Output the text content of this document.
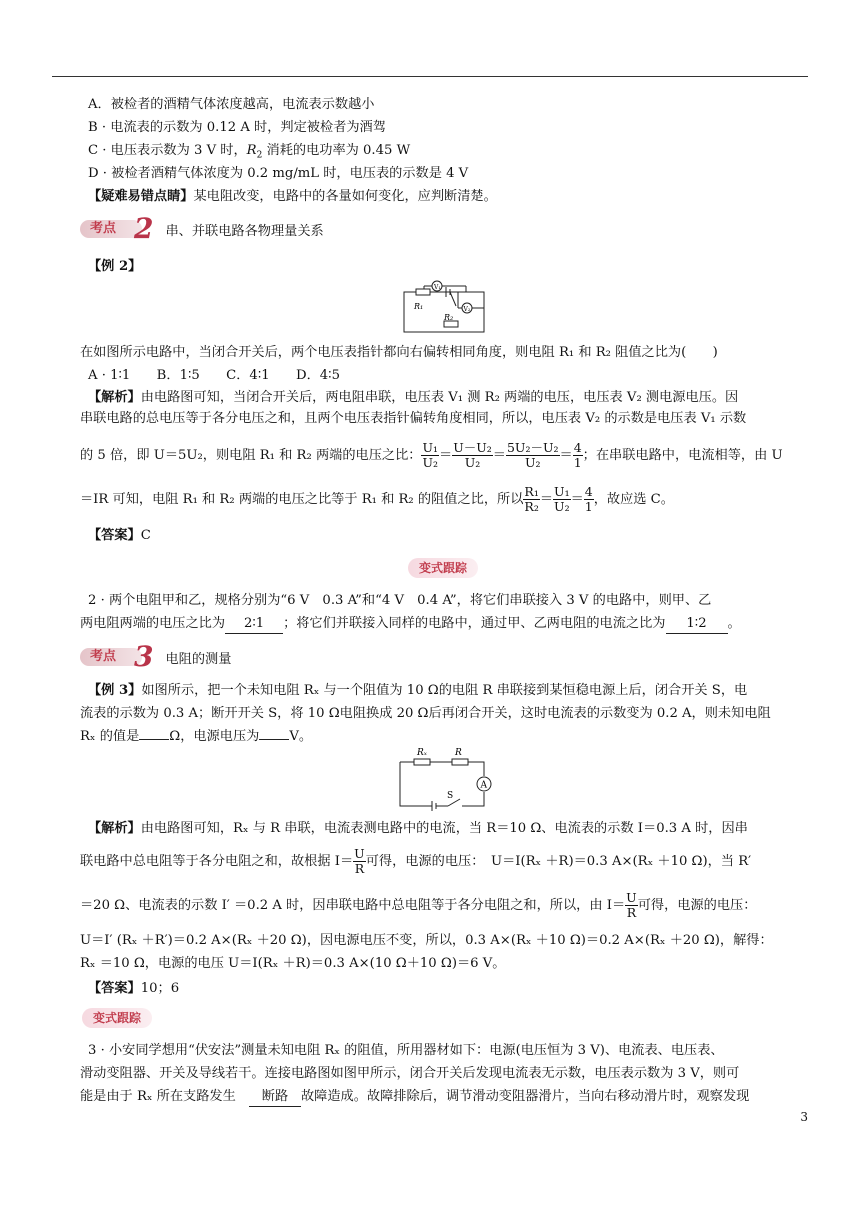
A．被检者的酒精气体浓度越高，电流表示数越小
B · 电流表的示数为 0.12 A 时，判定被检者为酒驾
C · 电压表示数为 3 V 时，$R_2$ 消耗的电功率为 0.45 W
D · 被检者酒精气体浓度为 0.2 mg/mL 时，电压表的示数是 4 V
【疑难易错点睛】某电阻改变，电路中的各量如何变化，应判断清楚。
考点 2 串、并联电路各物理量关系
【例 2】
V₁
V₂
R₁
R₂
在如图所示电路中，当闭合开关后，两个电压表指针都向右偏转相同角度，则电阻 R₁ 和 R₂ 阻值之比为(　　)
A · 1∶1　　B．1∶5　　C．4∶1　　D．4∶5
【解析】由电路图可知，当闭合开关后，两电阻串联，电压表 V₁ 测 R₂ 两端的电压，电压表 V₂ 测电源电压。因
串联电路的总电压等于各分电压之和，且两个电压表指针偏转角度相同，所以，电压表 V₂ 的示数是电压表 V₁ 示数
的 5 倍，即 U＝5U₂，则电阻 R₁ 和 R₂ 两端的电压之比： $\frac{\text{U₁}}{\text{U₂}} = \frac{\text{U－U₂}}{\text{U₂}} = \frac{\text{5U₂－U₂}}{\text{U₂}} = \frac{4}{1}$ ；在串联电路中，电流相等，由 U
＝IR 可知，电阻 R₁ 和 R₂ 两端的电压之比等于 R₁ 和 R₂ 的阻值之比，所以 $\frac{\text{R₁}}{\text{R₂}} = \frac{\text{U₁}}{\text{U₂}} = \frac{4}{1}$ ，故应选 C。
【答案】C
变式跟踪
2 · 两个电阻甲和乙，规格分别为“6 V　0.3 A”和“4 V　0.4 A”，将它们串联接入 3 V 的电路中，则甲、乙
两电阻两端的电压之比为 2∶1 ；将它们并联接入同样的电路中，通过甲、乙两电阻的电流之比为 1∶2 。
考点 3 电阻的测量
【例 3】如图所示，把一个未知电阻 Rₓ 与一个阻值为 10 Ω的电阻 R 串联接到某恒稳电源上后，闭合开关 S，电
流表的示数为 0.3 A；断开开关 S，将 10 Ω电阻换成 20 Ω后再闭合开关，这时电流表的示数变为 0.2 A，则未知电阻
Rₓ 的值是 Ω，电源电压为 V。
Rₓ	R
A
S
【解析】由电路图可知，Rₓ 与 R 串联，电流表测电路中的电流，当 R＝10 Ω、电流表的示数 I＝0.3 A 时，因串
联电路中总电阻等于各分电阻之和，故根据 $I= \frac{U}{R}$ 可得，电源的电压：　U＝I(Rₓ ＋R)＝0.3 A×(Rₓ ＋10 Ω)，当 R′
＝20 Ω、电流表的示数 I′ ＝0.2 A 时，因串联电路中总电阻等于各分电阻之和，所以，由 $I= \frac{U}{R}$ 可得，电源的电压：
U＝I′ (Rₓ ＋R′)＝0.2 A×(Rₓ ＋20 Ω)，因电源电压不变，所以，0.3 A×(Rₓ ＋10 Ω)＝0.2 A×(Rₓ ＋20 Ω)，解得：
Rₓ ＝10 Ω，电源的电压 U＝I(Rₓ ＋R)＝0.3 A×(10 Ω＋10 Ω)＝6 V。
【答案】10；6
变式跟踪
3 · 小安同学想用“伏安法”测量未知电阻 Rₓ 的阻值，所用器材如下：电源(电压恒为 3 V)、电流表、电压表、
滑动变阻器、开关及导线若干。连接电路图如图甲所示，闭合开关后发现电流表无示数，电压表示数为 3 V，则可
能是由于 Rₓ 所在支路发生　 断路 故障造成。故障排除后，调节滑动变阻器滑片，当向右移动滑片时，观察发现
3
